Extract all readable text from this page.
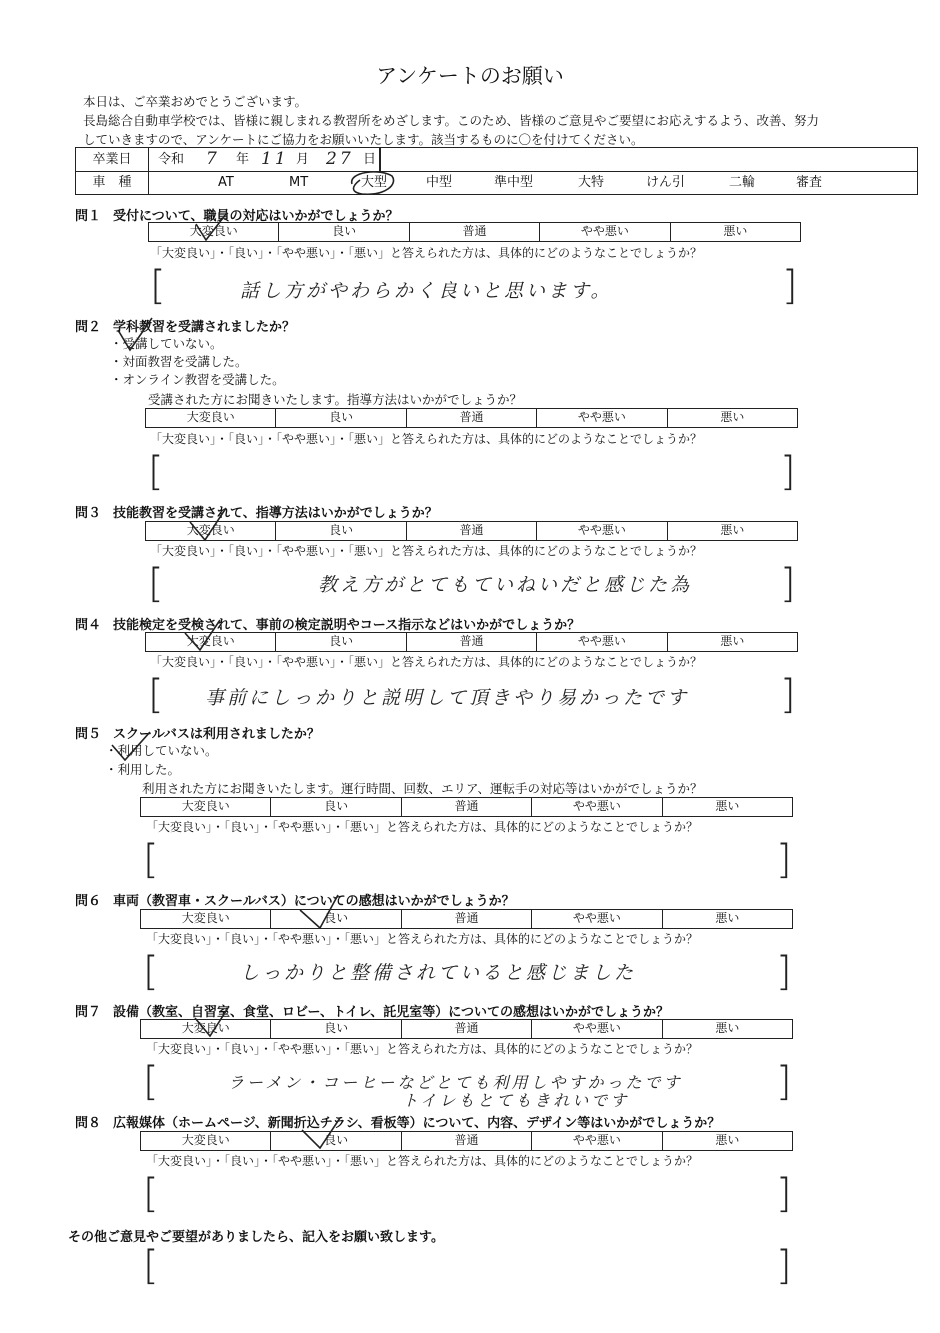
アンケートのお願い
本日は、ご卒業おめでとうございます。
長島総合自動車学校では、皆様に親しまれる教習所をめざします。このため、皆様のご意見やご要望にお応えするよう、改善、努力
していきますので、アンケートにご協力をお願いいたします。該当するものに〇を付けてください。
卒業日	令和 7 年 11 月 27 日
車　種	AT	MT	大型	中型	準中型	大特	けん引	二輪	審査
問１ 受付について、職員の対応はいかがでしょうか？
大変良い	良い	普通	やや悪い	悪い
「大変良い」・「良い」・「やや悪い」・「悪い」と答えられた方は、具体的にどのようなことでしょうか？
[	]
話し方がやわらかく良いと思います。
問２ 学科教習を受講されましたか？
・受講していない。
・対面教習を受講した。
・オンライン教習を受講した。
受講された方にお聞きいたします。指導方法はいかがでしょうか？
大変良い	良い	普通	やや悪い	悪い
「大変良い」・「良い」・「やや悪い」・「悪い」と答えられた方は、具体的にどのようなことでしょうか？
[	]
問３ 技能教習を受講されて、指導方法はいかがでしょうか？
大変良い	良い	普通	やや悪い	悪い
「大変良い」・「良い」・「やや悪い」・「悪い」と答えられた方は、具体的にどのようなことでしょうか？
[	]
教え方がとてもていねいだと感じた為
問４ 技能検定を受検されて、事前の検定説明やコース指示などはいかがでしょうか？
大変良い	良い	普通	やや悪い	悪い
「大変良い」・「良い」・「やや悪い」・「悪い」と答えられた方は、具体的にどのようなことでしょうか？
[	]
事前にしっかりと説明して頂きやり易かったです
問５ スクールバスは利用されましたか？
・利用していない。
・利用した。
利用された方にお聞きいたします。運行時間、回数、エリア、運転手の対応等はいかがでしょうか？
大変良い	良い	普通	やや悪い	悪い
「大変良い」・「良い」・「やや悪い」・「悪い」と答えられた方は、具体的にどのようなことでしょうか？
[	]
問６ 車両（教習車・スクールバス）についての感想はいかがでしょうか？
大変良い	良い	普通	やや悪い	悪い
「大変良い」・「良い」・「やや悪い」・「悪い」と答えられた方は、具体的にどのようなことでしょうか？
[	]
しっかりと整備されていると感じました
問７ 設備（教室、自習室、食堂、ロビー、トイレ、託児室等）についての感想はいかがでしょうか？
大変良い	良い	普通	やや悪い	悪い
「大変良い」・「良い」・「やや悪い」・「悪い」と答えられた方は、具体的にどのようなことでしょうか？
[	]
ラーメン・コーヒーなどとても利用しやすかったです
トイレもとてもきれいです
問８ 広報媒体（ホームページ、新聞折込チラシ、看板等）について、内容、デザイン等はいかがでしょうか？
大変良い	良い	普通	やや悪い	悪い
「大変良い」・「良い」・「やや悪い」・「悪い」と答えられた方は、具体的にどのようなことでしょうか？
[	]
その他ご意見やご要望がありましたら、記入をお願い致します。
[	]
